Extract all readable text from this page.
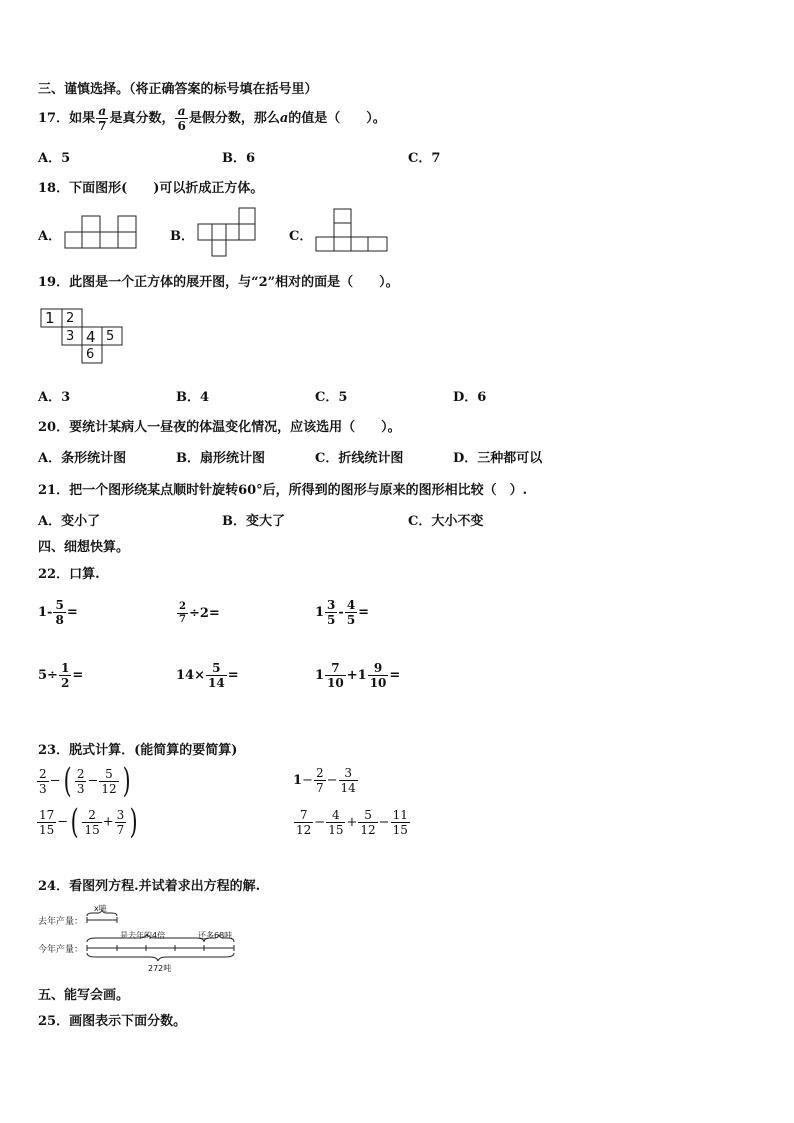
三、谨慎选择。（将正确答案的标号填在括号里）
17．如果 $\frac{a}{7}$ 是真分数， $\frac{a}{6}$ 是假分数，那么a的值是（　　）。
A．5	B．6	C．7
18．下面图形(　　)可以折成正方体。
A．	B．	C．
19．此图是一个正方体的展开图，与“2”相对的面是（　　）。
1 2
3 4 5
6
A．3	B．4	C．5	D．6
20．要统计某病人一昼夜的体温变化情况，应该选用（　　）。
A．条形统计图	B．扇形统计图	C．折线统计图	D．三种都可以
21．把一个图形绕某点顺时针旋转60°后，所得到的图形与原来的图形相比较（　）.
A．变小了	B．变大了	C．大小不变
四、细想快算。
22．口算.
$1- \frac{5}{8}$ =	$\frac{2}{7} \div 2=$	$1 \frac{3}{5} - \frac{4}{5}$ =
$5\div \frac{1}{2}$ =	$14\times \frac{5}{14}$ =	$1 \frac{7}{10} +1 \frac{9}{10}$ =
23．脱式计算．(能简算的要简算)
$\frac{2}{3}$ −( $\frac{2}{3} - \frac{5}{12}$ )	$1- \frac{2}{7} - \frac{3}{14}$
$\frac{17}{15}$ −( $\frac{2}{15} + \frac{3}{7}$ )	$\frac{7}{12} - \frac{4}{15} + \frac{5}{12} - \frac{11}{15}$
24．看图列方程.并试着求出方程的解.
去年产量：
今年产量：
x吨
是去年的4倍	还多68吨
272吨
五、能写会画。
25．画图表示下面分数。
